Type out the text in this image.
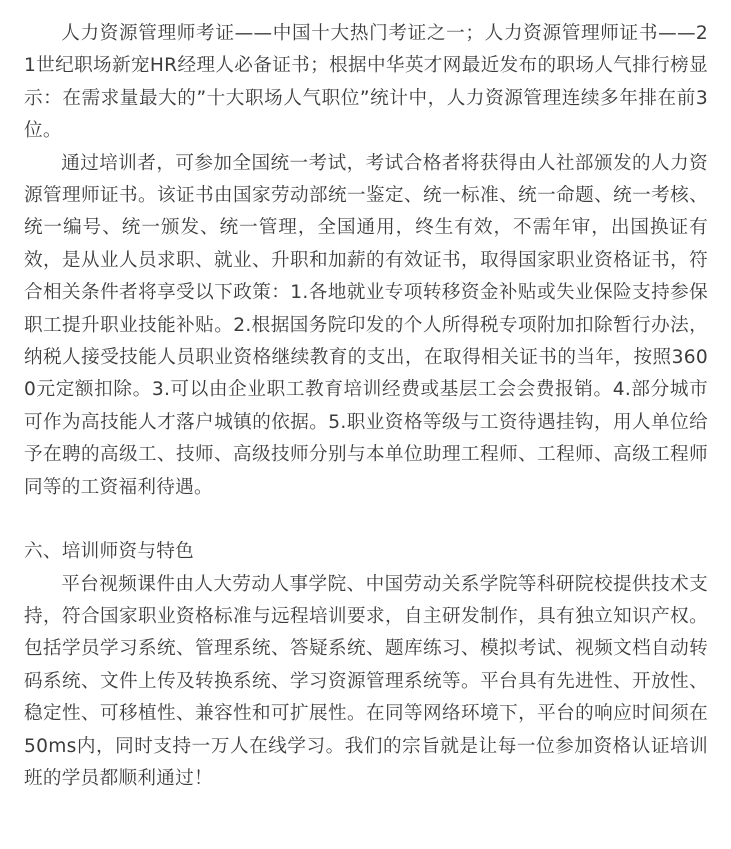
人力资源管理师考证——中国十大热门考证之一；人力资源管理师证书——21世纪职场新宠HR经理人必备证书；根据中华英才网最近发布的职场人气排行榜显示：在需求量最大的”十大职场人气职位”统计中，人力资源管理连续多年排在前3位。

通过培训者，可参加全国统一考试，考试合格者将获得由人社部颁发的人力资源管理师证书。该证书由国家劳动部统一鉴定、统一标准、统一命题、统一考核、统一编号、统一颁发、统一管理，全国通用，终生有效，不需年审，出国换证有效，是从业人员求职、就业、升职和加薪的有效证书，取得国家职业资格证书，符合相关条件者将享受以下政策：1.各地就业专项转移资金补贴或失业保险支持参保职工提升职业技能补贴。2.根据国务院印发的个人所得税专项附加扣除暂行办法，纳税人接受技能人员职业资格继续教育的支出，在取得相关证书的当年，按照3600元定额扣除。3.可以由企业职工教育培训经费或基层工会会费报销。4.部分城市可作为高技能人才落户城镇的依据。5.职业资格等级与工资待遇挂钩，用人单位给予在聘的高级工、技师、高级技师分别与本单位助理工程师、工程师、高级工程师同等的工资福利待遇。

六、培训师资与特色

平台视频课件由人大劳动人事学院、中国劳动关系学院等科研院校提供技术支持，符合国家职业资格标准与远程培训要求，自主研发制作，具有独立知识产权。包括学员学习系统、管理系统、答疑系统、题库练习、模拟考试、视频文档自动转码系统、文件上传及转换系统、学习资源管理系统等。平台具有先进性、开放性、稳定性、可移植性、兼容性和可扩展性。在同等网络环境下，平台的响应时间须在50ms内，同时支持一万人在线学习。我们的宗旨就是让每一位参加资格认证培训班的学员都顺利通过！
